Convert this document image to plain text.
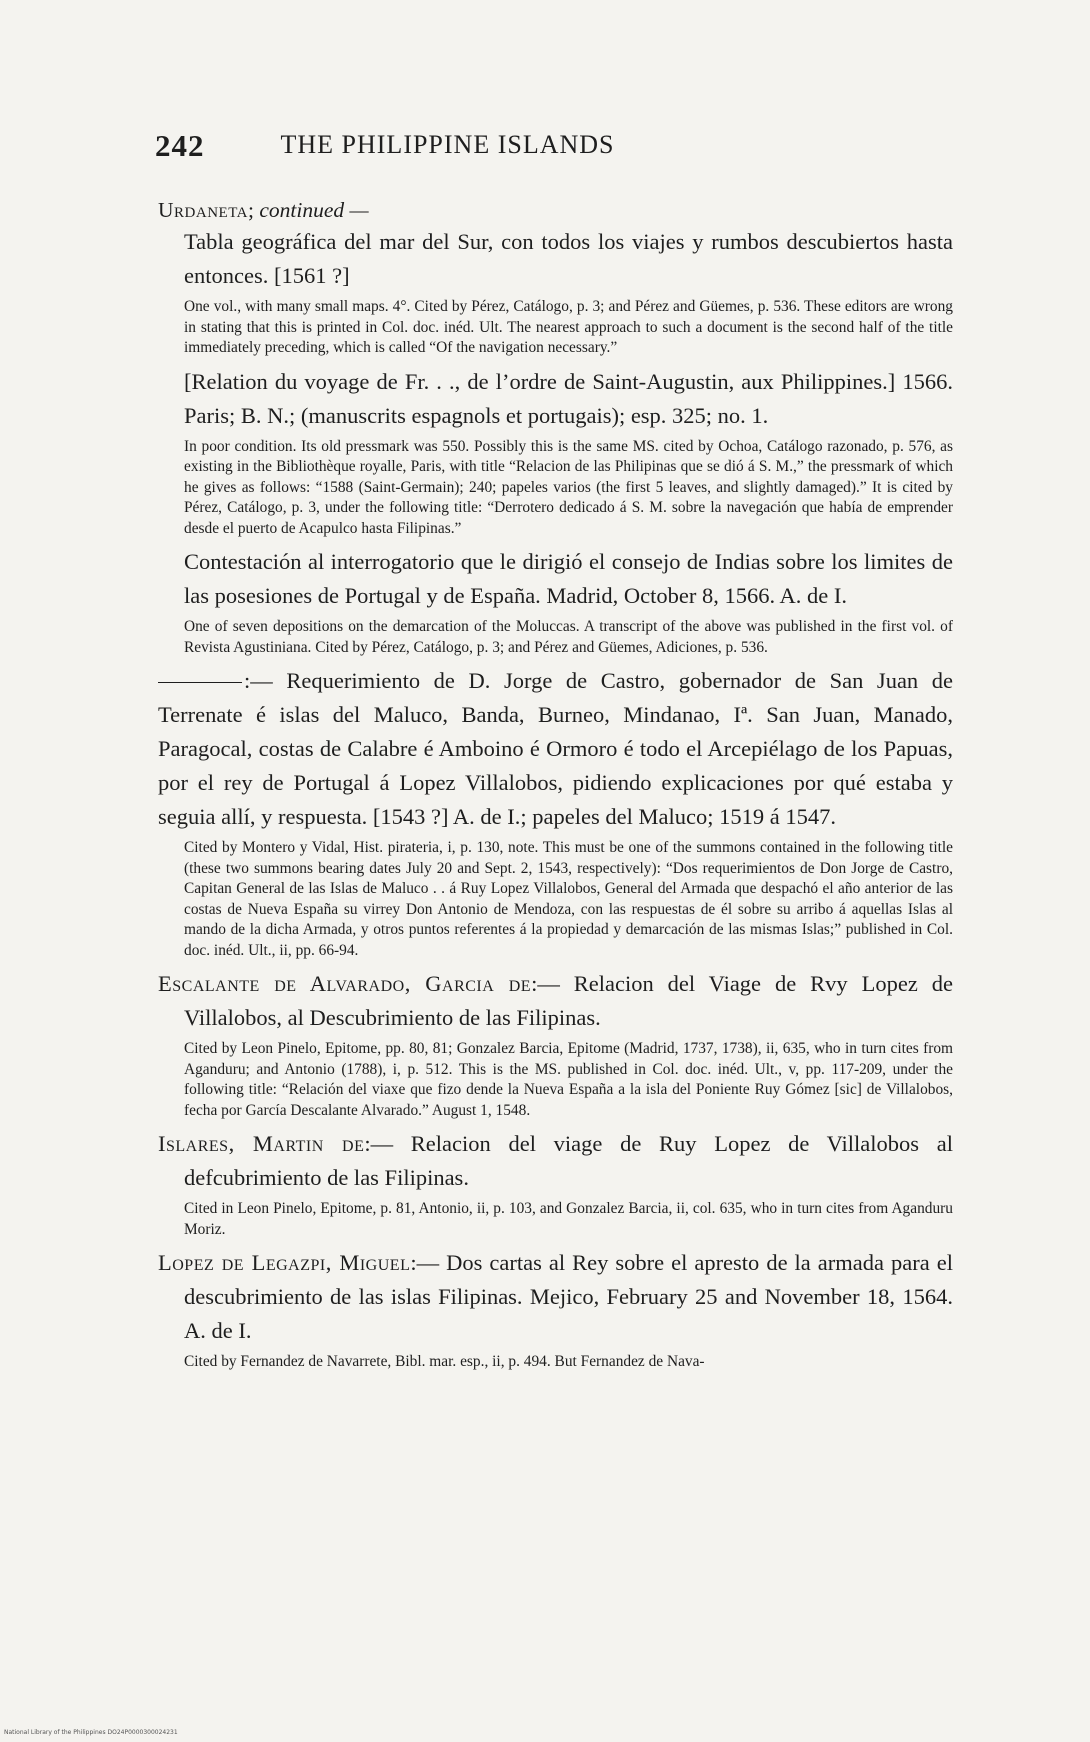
242	THE PHILIPPINE ISLANDS

Urdaneta; continued —

Tabla geográfica del mar del Sur, con todos los viajes y rumbos descubiertos hasta entonces. [1561 ?]

One vol., with many small maps. 4°. Cited by Pérez, Catálogo, p. 3; and Pérez and Güemes, p. 536. These editors are wrong in stating that this is printed in Col. doc. inéd. Ult. The nearest approach to such a document is the second half of the title immediately preceding, which is called “Of the navigation necessary.”

[Relation du voyage de Fr. . ., de l’ordre de Saint-Augustin, aux Philippines.] 1566. Paris; B. N.; (manuscrits espagnols et portugais); esp. 325; no. 1.

In poor condition. Its old pressmark was 550. Possibly this is the same MS. cited by Ochoa, Catálogo razonado, p. 576, as existing in the Bibliothèque royalle, Paris, with title “Relacion de las Philipinas que se dió á S. M.,” the pressmark of which he gives as follows: “1588 (Saint-Germain); 240; papeles varios (the first 5 leaves, and slightly damaged).” It is cited by Pérez, Catálogo, p. 3, under the following title: “Derrotero dedicado á S. M. sobre la navegación que había de emprender desde el puerto de Acapulco hasta Filipinas.”

Contestación al interrogatorio que le dirigió el consejo de Indias sobre los limites de las posesiones de Portugal y de España. Madrid, October 8, 1566. A. de I.

One of seven depositions on the demarcation of the Moluccas. A transcript of the above was published in the first vol. of Revista Agustiniana. Cited by Pérez, Catálogo, p. 3; and Pérez and Güemes, Adiciones, p. 536.

:— Requerimiento de D. Jorge de Castro, gobernador de San Juan de Terrenate é islas del Maluco, Banda, Burneo, Mindanao, Iª. San Juan, Manado, Paragocal, costas de Calabre é Amboino é Ormoro é todo el Arcepiélago de los Papuas, por el rey de Portugal á Lopez Villalobos, pidiendo explicaciones por qué estaba y seguia allí, y respuesta. [1543 ?] A. de I.; papeles del Maluco; 1519 á 1547.

Cited by Montero y Vidal, Hist. pirateria, i, p. 130, note. This must be one of the summons contained in the following title (these two summons bearing dates July 20 and Sept. 2, 1543, respectively): “Dos requerimientos de Don Jorge de Castro, Capitan General de las Islas de Maluco . . á Ruy Lopez Villalobos, General del Armada que despachó el año anterior de las costas de Nueva España su virrey Don Antonio de Mendoza, con las respuestas de él sobre su arribo á aquellas Islas al mando de la dicha Armada, y otros puntos referentes á la propiedad y demarcación de las mismas Islas;” published in Col. doc. inéd. Ult., ii, pp. 66-94.

Escalante de Alvarado, Garcia de:— Relacion del Viage de Rvy Lopez de Villalobos, al Descubrimiento de las Filipinas.

Cited by Leon Pinelo, Epitome, pp. 80, 81; Gonzalez Barcia, Epitome (Madrid, 1737, 1738), ii, 635, who in turn cites from Aganduru; and Antonio (1788), i, p. 512. This is the MS. published in Col. doc. inéd. Ult., v, pp. 117-209, under the following title: “Relación del viaxe que fizo dende la Nueva España a la isla del Poniente Ruy Gómez [sic] de Villalobos, fecha por García Descalante Alvarado.” August 1, 1548.

Islares, Martin de:— Relacion del viage de Ruy Lopez de Villalobos al defcubrimiento de las Filipinas.

Cited in Leon Pinelo, Epitome, p. 81, Antonio, ii, p. 103, and Gonzalez Barcia, ii, col. 635, who in turn cites from Aganduru Moriz.

Lopez de Legazpi, Miguel:— Dos cartas al Rey sobre el apresto de la armada para el descubrimiento de las islas Filipinas. Mejico, February 25 and November 18, 1564. A. de I.

Cited by Fernandez de Navarrete, Bibl. mar. esp., ii, p. 494. But Fernandez de Nava-

National Library of the Philippines DO24P0000300024231
